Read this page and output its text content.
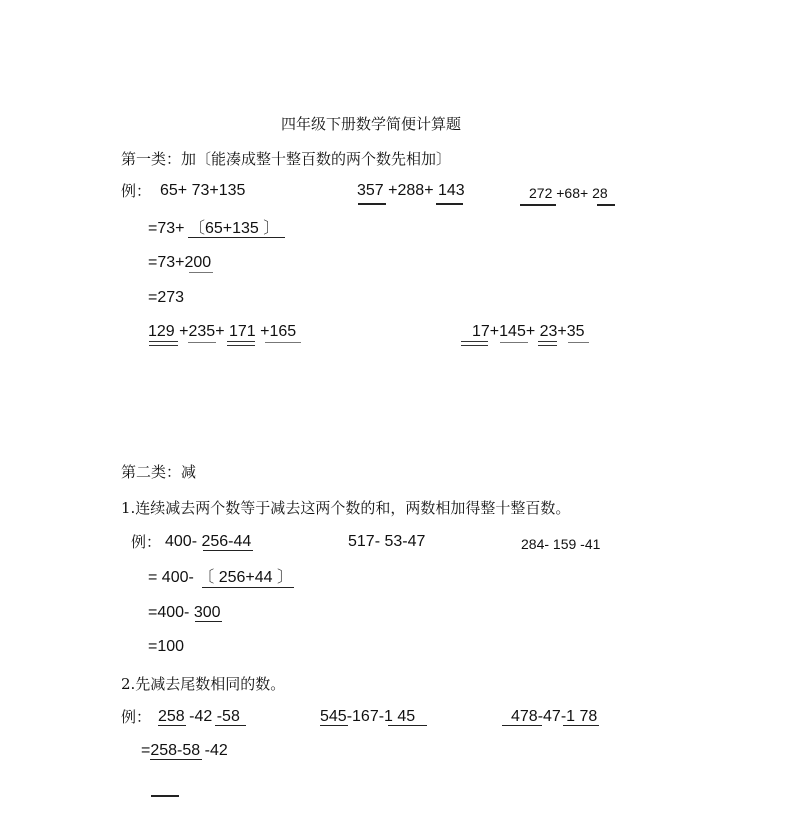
四年级下册数学简便计算题
第一类：加〔能凑成整十整百数的两个数先相加〕
例： 65+ 73+135	357 +288+ 143	272 +68+ 28
=73+ 〔65+135 〕
=73+200
=273
129 +235+ 171 +165	17+145+ 23+35
第二类：减
1.连续减去两个数等于减去这两个数的和，两数相加得整十整百数。
例： 400- 256-44	517- 53-47	284- 159 -41
= 400- 〔 256+44 〕
=400- 300
=100
2.先减去尾数相同的数。
例： 258 -42 -58	545-167-1 45	478-47-1 78
=258-58 -42
